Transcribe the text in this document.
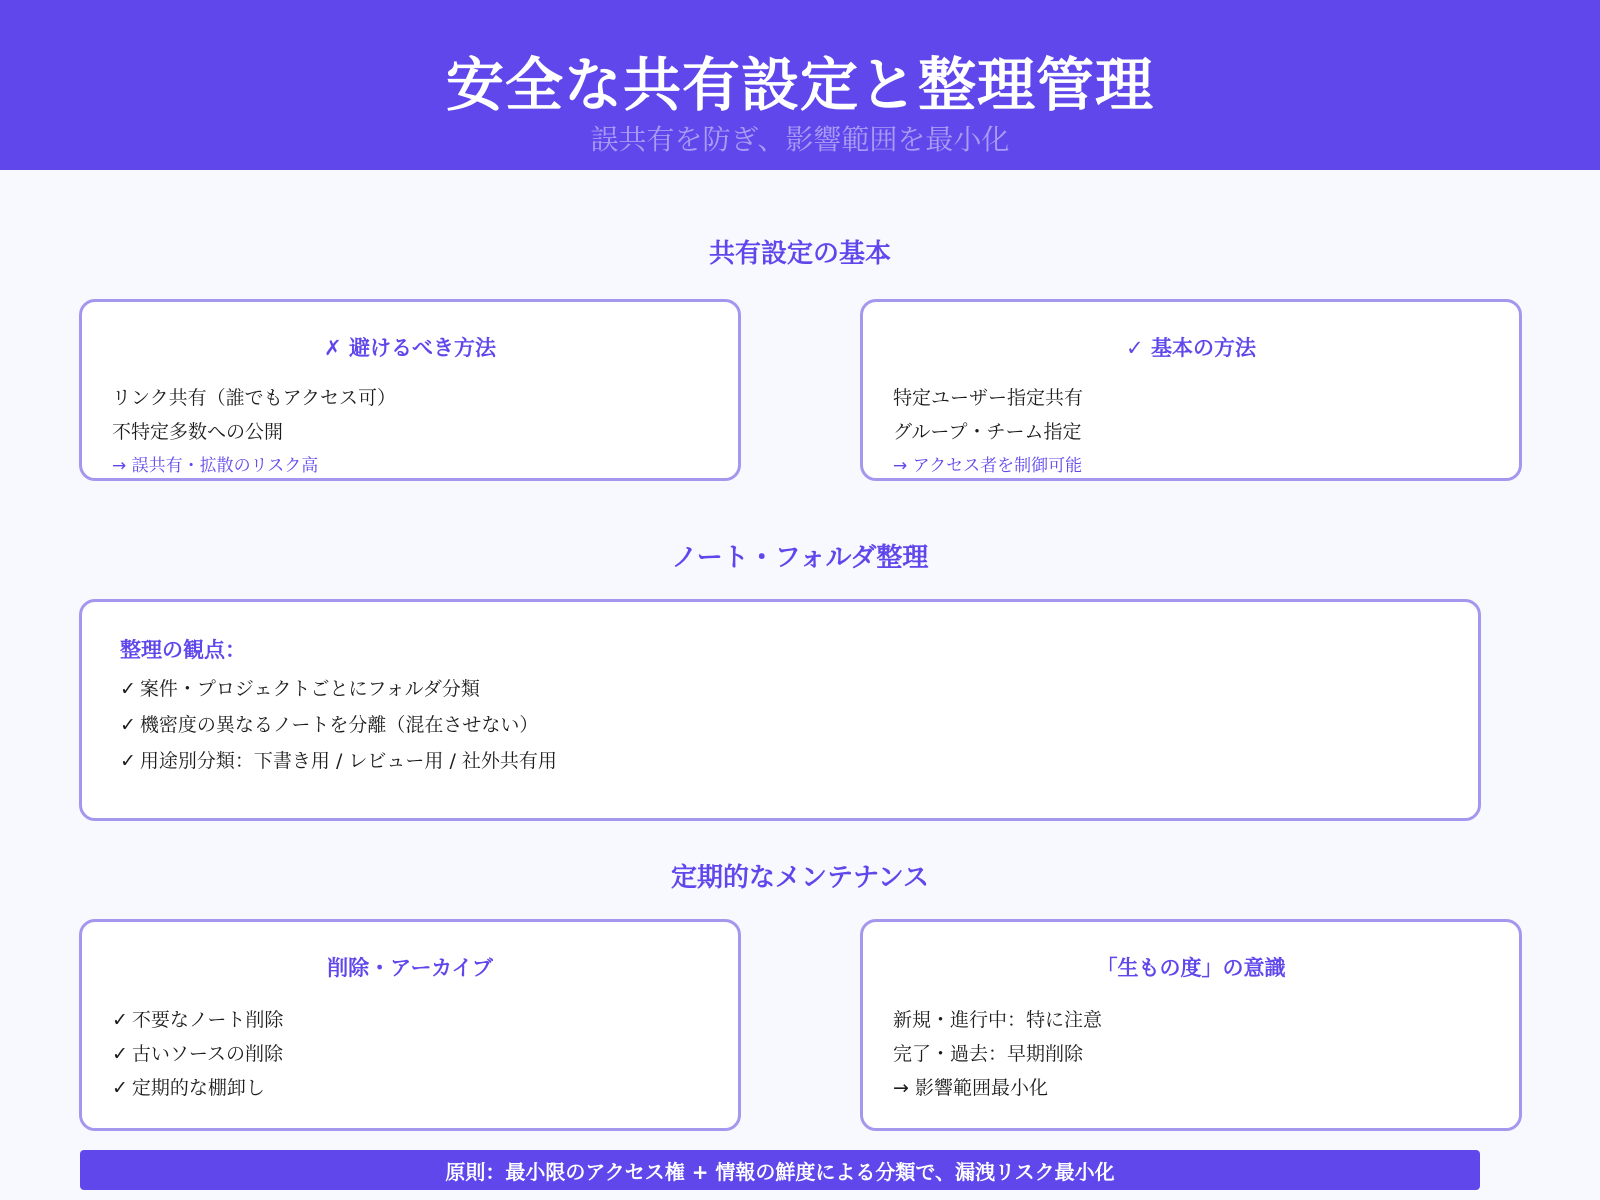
安全な共有設定と整理管理
誤共有を防ぎ、影響範囲を最小化
共有設定の基本
✗ 避けるべき方法
リンク共有（誰でもアクセス可）
不特定多数への公開
→ 誤共有・拡散のリスク高
✓ 基本の方法
特定ユーザー指定共有
グループ・チーム指定
→ アクセス者を制御可能
ノート・フォルダ整理
整理の観点：
✓ 案件・プロジェクトごとにフォルダ分類
✓ 機密度の異なるノートを分離（混在させない）
✓ 用途別分類：下書き用 / レビュー用 / 社外共有用
定期的なメンテナンス
削除・アーカイブ
✓ 不要なノート削除
✓ 古いソースの削除
✓ 定期的な棚卸し
「生もの度」の意識
新規・進行中：特に注意
完了・過去：早期削除
→ 影響範囲最小化
原則：最小限のアクセス権 + 情報の鮮度による分類で、漏洩リスク最小化
